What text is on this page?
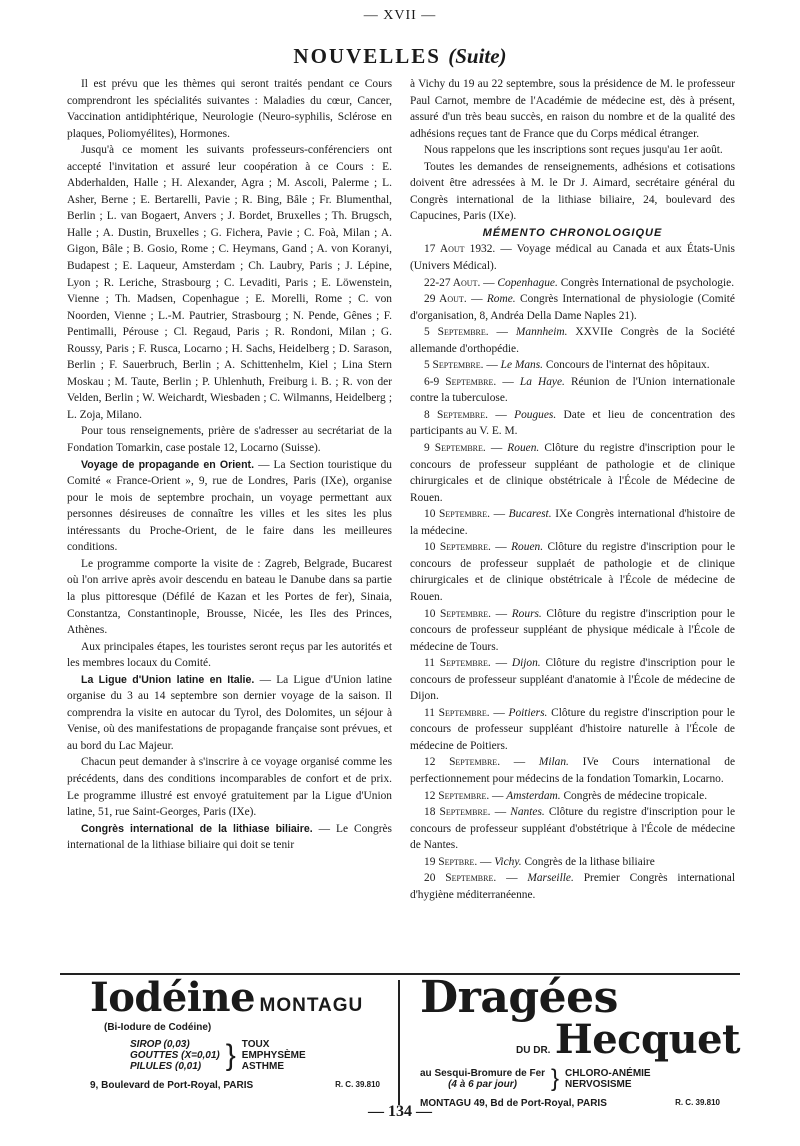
— XVII —
NOUVELLES (Suite)

Il est prévu que les thèmes qui seront traités pendant ce Cours comprendront les spécialités suivantes : Maladies du cœur, Cancer, Vaccination antidiphtérique, Neurologie (Neuro-syphilis, Sclérose en plaques, Poliomyélites), Hormones.

Jusqu'à ce moment les suivants professeurs-conférenciers ont accepté l'invitation et assuré leur coopération à ce Cours : E. Abderhalden, Halle ; H. Alexander, Agra ; M. Ascoli, Palerme ; L. Asher, Berne ; E. Bertarelli, Pavie ; R. Bing, Bâle ; Fr. Blumenthal, Berlin ; L. van Bogaert, Anvers ; J. Bordet, Bruxelles ; Th. Brugsch, Halle ; A. Dustin, Bruxelles ; G. Fichera, Pavie ; C. Foà, Milan ; A. Gigon, Bâle ; B. Gosio, Rome ; C. Heymans, Gand ; A. von Koranyi, Budapest ; E. Laqueur, Amsterdam ; Ch. Laubry, Paris ; J. Lépine, Lyon ; R. Leriche, Strasbourg ; C. Levaditi, Paris ; E. Löwenstein, Vienne ; Th. Madsen, Copenhague ; E. Morelli, Rome ; C. von Noorden, Vienne ; L.-M. Pautrier, Strasbourg ; N. Pende, Gênes ; F. Pentimalli, Pérouse ; Cl. Regaud, Paris ; R. Rondoni, Milan ; G. Roussy, Paris ; F. Rusca, Locarno ; H. Sachs, Heidelberg ; D. Sarason, Berlin ; F. Sauerbruch, Berlin ; A. Schittenhelm, Kiel ; Lina Stern Moskau ; M. Taute, Berlin ; P. Uhlenhuth, Freiburg i. B. ; R. von der Velden, Berlin ; W. Weichardt, Wiesbaden ; C. Wilmanns, Heidelberg ; L. Zoja, Milano.

Pour tous renseignements, prière de s'adresser au secrétariat de la Fondation Tomarkin, case postale 12, Locarno (Suisse).

Voyage de propagande en Orient. — La Section touristique du Comité « France-Orient », 9, rue de Londres, Paris (IXe), organise pour le mois de septembre prochain, un voyage permettant aux personnes désireuses de connaître les villes et les sites les plus intéressants du Proche-Orient, de le faire dans les meilleures conditions.

Le programme comporte la visite de : Zagreb, Belgrade, Bucarest où l'on arrive après avoir descendu en bateau le Danube dans sa partie la plus pittoresque (Défilé de Kazan et les Portes de fer), Sinaia, Constantza, Constantinople, Brousse, Nicée, les Iles des Princes, Athènes.

Aux principales étapes, les touristes seront reçus par les autorités et les membres locaux du Comité.

La Ligue d'Union latine en Italie. — La Ligue d'Union latine organise du 3 au 14 septembre son dernier voyage de la saison. Il comprendra la visite en autocar du Tyrol, des Dolomites, un séjour à Venise, où des manifestations de propagande française sont prévues, et au bord du Lac Majeur.

Chacun peut demander à s'inscrire à ce voyage organisé comme les précédents, dans des conditions incomparables de confort et de prix. Le programme illustré est envoyé gratuitement par la Ligue d'Union latine, 51, rue Saint-Georges, Paris (IXe).

Congrès international de la lithiase biliaire. — Le Congrès international de la lithiase biliaire qui doit se tenir

à Vichy du 19 au 22 septembre, sous la présidence de M. le professeur Paul Carnot, membre de l'Académie de médecine est, dès à présent, assuré d'un très beau succès, en raison du nombre et de la qualité des adhésions reçues tant de France que du Corps médical étranger.

Nous rappelons que les inscriptions sont reçues jusqu'au 1er août.

Toutes les demandes de renseignements, adhésions et cotisations doivent être adressées à M. le Dr J. Aimard, secrétaire général du Congrès international de la lithiase biliaire, 24, boulevard des Capucines, Paris (IXe).

MÉMENTO CHRONOLOGIQUE

17 Aout 1932. — Voyage médical au Canada et aux États-Unis (Univers Médical).

22-27 Aout. — Copenhague. Congrès International de psychologie.

29 Aout. — Rome. Congrès International de physiologie (Comité d'organisation, 8, Andréa Della Dame Naples 21).

5 Septembre. — Mannheim. XXVIIe Congrès de la Société allemande d'orthopédie.

5 Septembre. — Le Mans. Concours de l'internat des hôpitaux.

6-9 Septembre. — La Haye. Réunion de l'Union internationale contre la tuberculose.

8 Septembre. — Pougues. Date et lieu de concentration des participants au V. E. M.

9 Septembre. — Rouen. Clôture du registre d'inscription pour le concours de professeur suppléant de pathologie et de clinique chirurgicales et de clinique obstétricale à l'École de Médecine de Rouen.

10 Septembre. — Bucarest. IXe Congrès international d'histoire de la médecine.

10 Septembre. — Rouen. Clôture du registre d'inscription pour le concours de professeur supplaét de pathologie et de clinique chirurgicales et de clinique obstétricale à l'École de médecine de Rouen.

10 Septembre. — Rours. Clôture du registre d'inscription pour le concours de professeur suppléant de physique médicale à l'École de médecine de Tours.

11 Septembre. — Dijon. Clôture du registre d'inscription pour le concours de professeur suppléant d'anatomie à l'École de médecine de Dijon.

11 Septembre. — Poitiers. Clôture du registre d'inscription pour le concours de professeur suppléant d'histoire naturelle à l'École de médecine de Poitiers.

12 Septembre. — Milan. IVe Cours international de perfectionnement pour médecins de la fondation Tomarkin, Locarno.

12 Septembre. — Amsterdam. Congrès de médecine tropicale.

18 Septembre. — Nantes. Clôture du registre d'inscription pour le concours de professeur suppléant d'obstétrique à l'École de médecine de Nantes.

19 Septbre. — Vichy. Congrès de la lithase biliaire

20 Septembre. — Marseille. Premier Congrès international d'hygiène méditerranéenne.

Iodéine MONTAGU
(Bi-Iodure de Codéine)
SIROP (0,03)
GOUTTES (X=0,01)
PILULES (0,01) } TOUX
EMPHYSÈME
ASTHME
9, Boulevard de Port-Royal, PARIS	R. C. 39.810
Dragées
DU DR. Hecquet
au Sesqui-Bromure de Fer
(4 à 6 par jour)	} CHLORO-ANÉMIE
NERVOSISME
MONTAGU 49, Bd de Port-Royal, PARIS	R. C. 39.810
— 134 —
